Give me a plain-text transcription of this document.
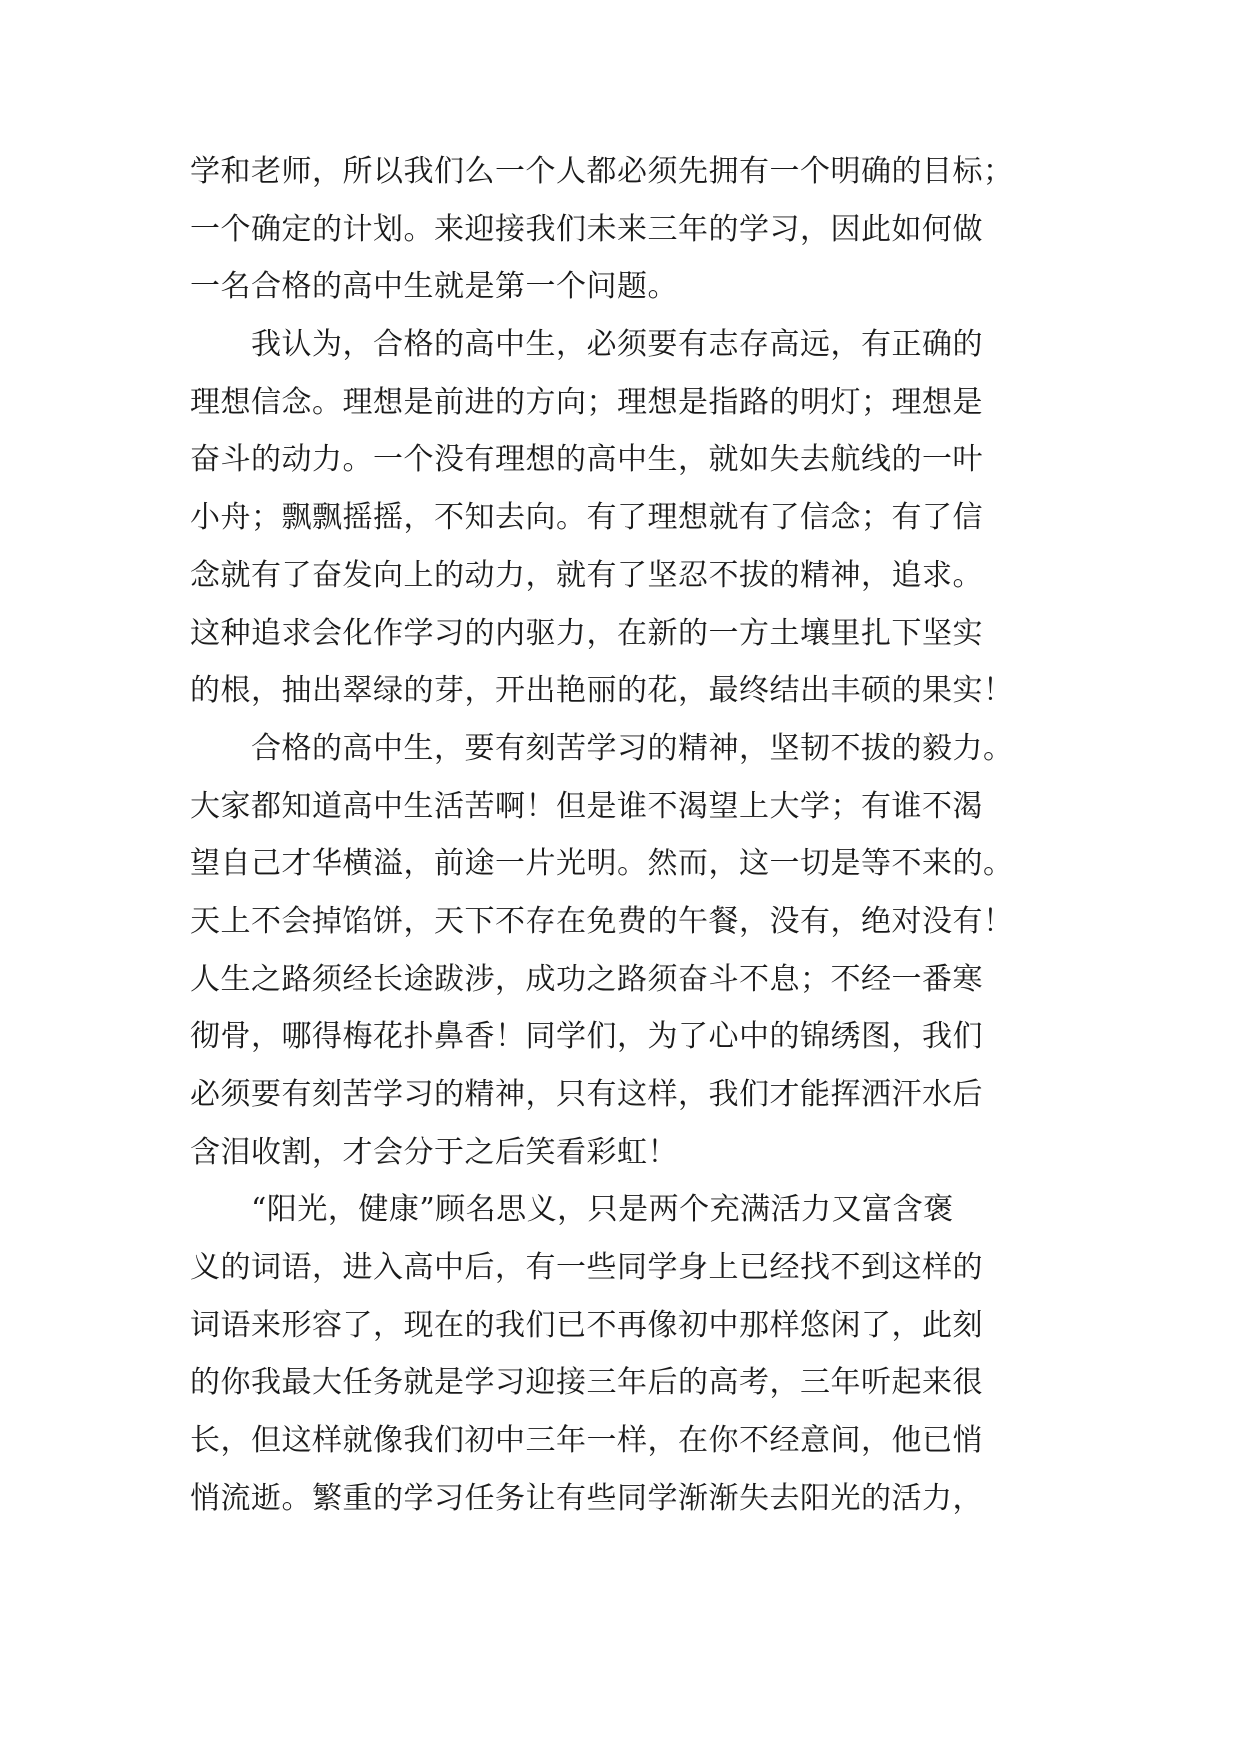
学和老师，所以我们么一个人都必须先拥有一个明确的目标；
一个确定的计划。来迎接我们未来三年的学习，因此如何做
一名合格的高中生就是第一个问题。
　　我认为，合格的高中生，必须要有志存高远，有正确的
理想信念。理想是前进的方向；理想是指路的明灯；理想是
奋斗的动力。一个没有理想的高中生，就如失去航线的一叶
小舟；飘飘摇摇，不知去向。有了理想就有了信念；有了信
念就有了奋发向上的动力，就有了坚忍不拔的精神，追求。
这种追求会化作学习的内驱力，在新的一方土壤里扎下坚实
的根，抽出翠绿的芽，开出艳丽的花，最终结出丰硕的果实！
　　合格的高中生，要有刻苦学习的精神，坚韧不拔的毅力。
大家都知道高中生活苦啊！但是谁不渴望上大学；有谁不渴
望自己才华横溢，前途一片光明。然而，这一切是等不来的。
天上不会掉馅饼，天下不存在免费的午餐，没有，绝对没有！
人生之路须经长途跋涉，成功之路须奋斗不息；不经一番寒
彻骨，哪得梅花扑鼻香！同学们，为了心中的锦绣图，我们
必须要有刻苦学习的精神，只有这样，我们才能挥洒汗水后
含泪收割，才会分于之后笑看彩虹！
　　“阳光，健康”顾名思义，只是两个充满活力又富含褒
义的词语，进入高中后，有一些同学身上已经找不到这样的
词语来形容了，现在的我们已不再像初中那样悠闲了，此刻
的你我最大任务就是学习迎接三年后的高考，三年听起来很
长，但这样就像我们初中三年一样，在你不经意间，他已悄
悄流逝。繁重的学习任务让有些同学渐渐失去阳光的活力，
